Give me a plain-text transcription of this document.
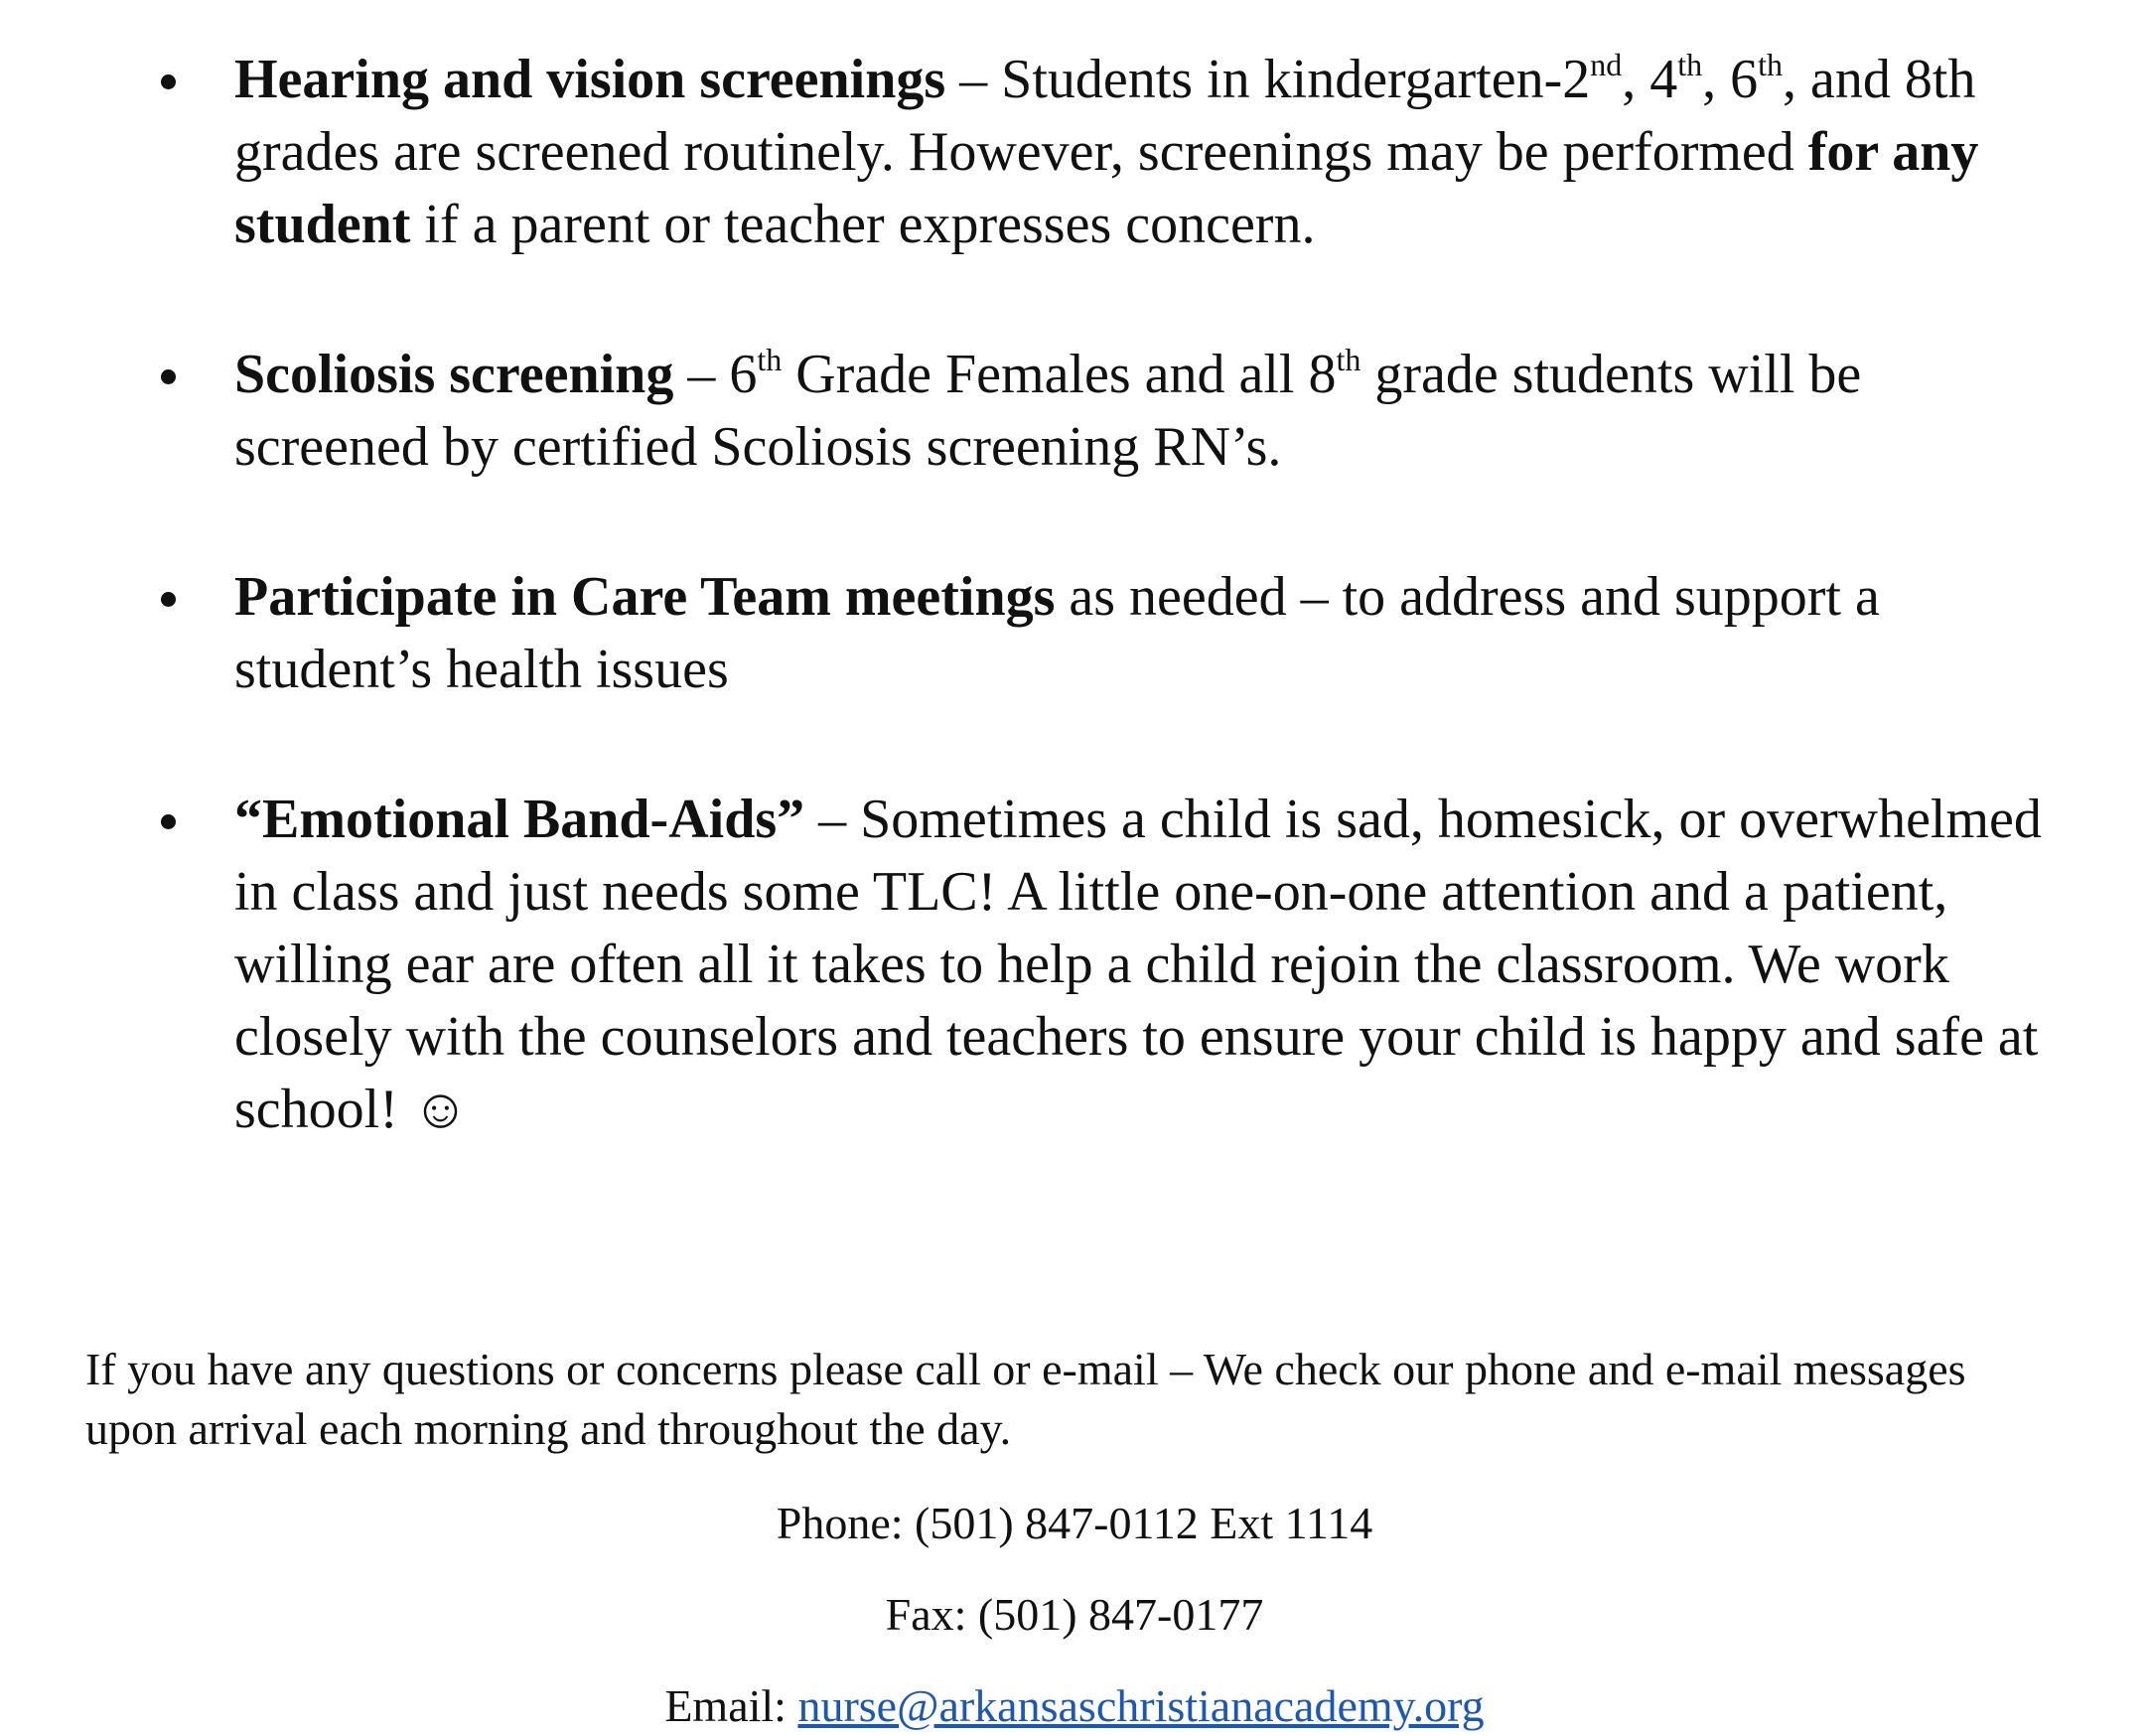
Hearing and vision screenings – Students in kindergarten-2nd, 4th, 6th, and 8th grades are screened routinely. However, screenings may be performed for any student if a parent or teacher expresses concern.
Scoliosis screening – 6th Grade Females and all 8th grade students will be screened by certified Scoliosis screening RN’s.
Participate in Care Team meetings as needed – to address and support a student’s health issues
“Emotional Band-Aids” – Sometimes a child is sad, homesick, or overwhelmed in class and just needs some TLC! A little one-on-one attention and a patient, willing ear are often all it takes to help a child rejoin the classroom. We work closely with the counselors and teachers to ensure your child is happy and safe at school! ☺
If you have any questions or concerns please call or e-mail – We check our phone and e-mail messages upon arrival each morning and throughout the day.
Phone: (501) 847-0112 Ext 1114
Fax: (501) 847-0177
Email: nurse@arkansaschristianacademy.org
